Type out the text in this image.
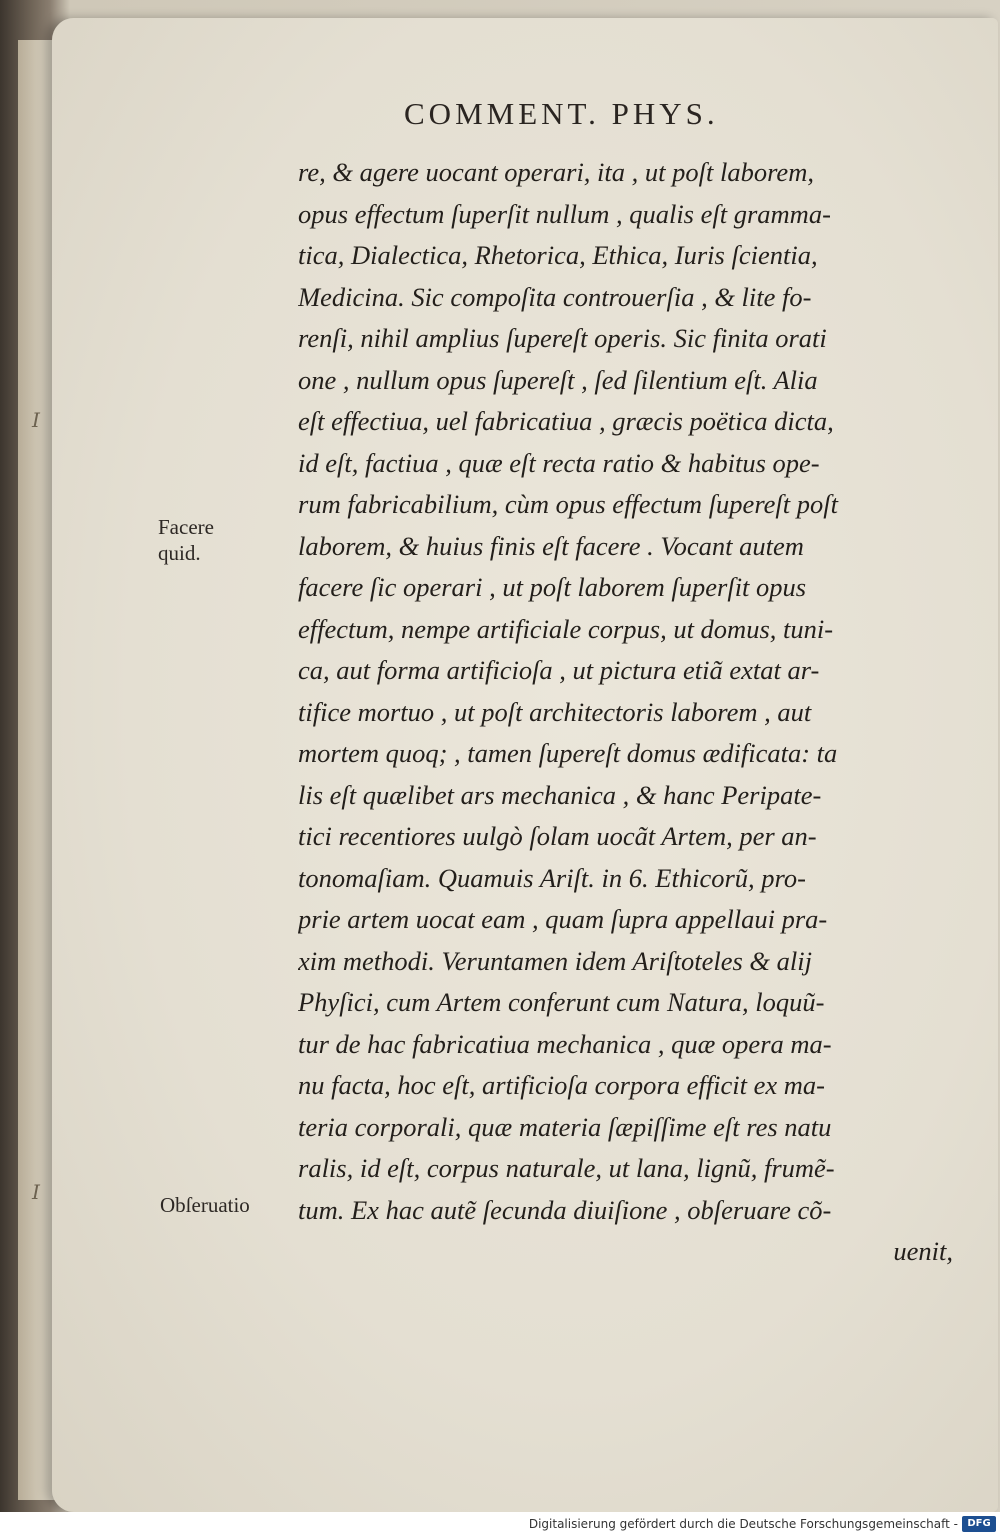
I
I
COMMENT. PHYS.
Facere
quid.
Obſeruatio
re, & agere uocant operari, ita , ut poſt laborem,
opus effectum ſuperſit nullum , qualis eſt gramma-
tica, Dialectica, Rhetorica, Ethica, Iuris ſcientia,
Medicina. Sic compoſita controuerſia , & lite fo-
renſi, nihil amplius ſupereſt operis. Sic finita orati
one , nullum opus ſupereſt , ſed ſilentium eſt. Alia
eſt effectiua, uel fabricatiua , græcis poëtica dicta,
id eſt, factiua , quæ eſt recta ratio & habitus ope-
rum fabricabilium, cùm opus effectum ſupereſt poſt
laborem, & huius finis eſt facere . Vocant autem
facere ſic operari , ut poſt laborem ſuperſit opus
effectum, nempe artificiale corpus, ut domus, tuni-
ca, aut forma artificioſa , ut pictura etiã extat ar-
tifice mortuo , ut poſt architectoris laborem , aut
mortem quoq; , tamen ſupereſt domus ædificata: ta
lis eſt quælibet ars mechanica , & hanc Peripate-
tici recentiores uulgò ſolam uocãt Artem, per an-
tonomaſiam. Quamuis Ariſt. in 6. Ethicorũ, pro-
prie artem uocat eam , quam ſupra appellaui pra-
xim methodi. Veruntamen idem Ariſtoteles & alij
Phyſici, cum Artem conferunt cum Natura, loquũ-
tur de hac fabricatiua mechanica , quæ opera ma-
nu facta, hoc eſt, artificioſa corpora efficit ex ma-
teria corporali, quæ materia ſæpiſſime eſt res natu
ralis, id eſt, corpus naturale, ut lana, lignũ, frumẽ-
tum. Ex hac autẽ ſecunda diuiſione , obſeruare cõ-
uenit,
Digitalisierung gefördert durch die Deutsche Forschungsgemeinschaft - DFG
